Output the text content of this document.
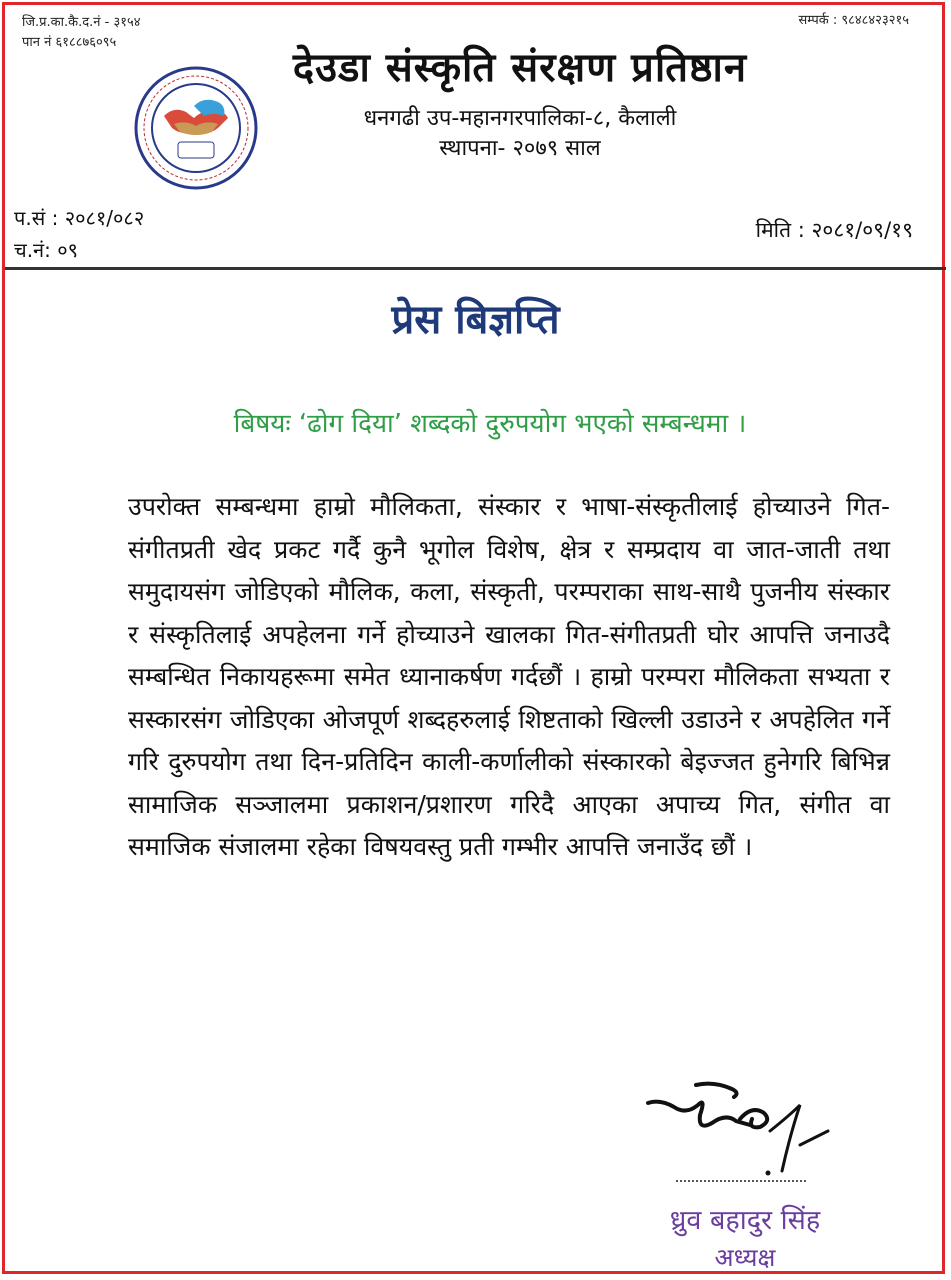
जि.प्र.का.कै.द.नं - ३१५४
पान नं ६१८८७६०९५
सम्पर्क : ९८४८४२३२१५
देउडा संस्कृति संरक्षण प्रतिष्ठान
धनगढी उप-महानगरपालिका-८, कैलाली
स्थापना- २०७९ साल
प.सं : २०८१/०८२
च.नं: ०९
मिति : २०८१/०९/१९
प्रेस बिज्ञप्ति
बिषयः ‘ढोग दिया’ शब्दको दुरुपयोग भएको सम्बन्धमा ।
उपरोक्त सम्बन्धमा हाम्रो मौलिकता, संस्कार र भाषा-संस्कृतीलाई होच्याउने गित-संगीतप्रती खेद प्रकट गर्दै कुनै भूगोल विशेष, क्षेत्र र सम्प्रदाय वा जात-जाती तथा समुदायसंग जोडिएको मौलिक, कला, संस्कृती, परम्पराका साथ-साथै पुजनीय संस्कार र संस्कृतिलाई अपहेलना गर्ने होच्याउने खालका गित-संगीतप्रती घोर आपत्ति जनाउदै सम्बन्धित निकायहरूमा समेत ध्यानाकर्षण गर्दछौं । हाम्रो परम्परा मौलिकता सभ्यता र सस्कारसंग जोडिएका ओजपूर्ण शब्दहरुलाई शिष्टताको खिल्ली उडाउने र अपहेलित गर्ने गरि दुरुपयोग तथा दिन-प्रतिदिन काली-कर्णालीको संस्कारको बेइज्जत हुनेगरि बिभिन्न सामाजिक सञ्जालमा प्रकाशन/प्रशारण गरिदै आएका अपाच्य गित, संगीत वा समाजिक संजालमा रहेका विषयवस्तु प्रती गम्भीर आपत्ति जनाउँद छौं ।
ध्रुव बहादुर सिंह
अध्यक्ष
